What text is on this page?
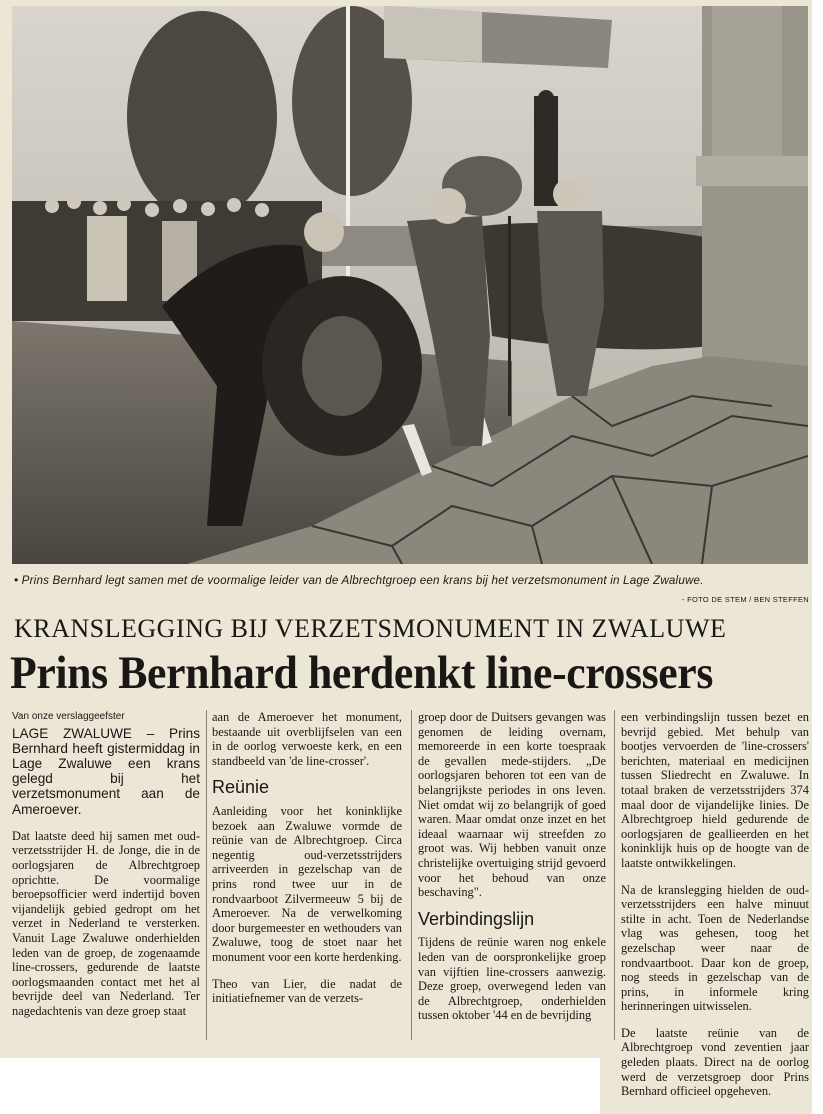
• Prins Bernhard legt samen met de voormalige leider van de Albrechtgroep een krans bij het verzetsmonument in Lage Zwaluwe.
- FOTO DE STEM / BEN STEFFEN
KRANSLEGGING BIJ VERZETSMONUMENT IN ZWALUWE
Prins Bernhard herdenkt line-crossers
Van onze verslaggeefster

LAGE ZWALUWE – Prins Bernhard heeft gistermiddag in Lage Zwaluwe een krans gelegd bij het verzetsmonument aan de Ameroever.

Dat laatste deed hij samen met oud-verzetsstrijder H. de Jonge, die in de oorlogsjaren de Albrechtgroep oprichtte. De voormalige beroepsofficier werd indertijd boven vijandelijk gebied gedropt om het verzet in Nederland te versterken. Vanuit Lage Zwaluwe onderhielden leden van de groep, de zogenaamde line-crossers, gedurende de laatste oorlogsmaanden contact met het al bevrijde deel van Nederland. Ter nagedachtenis van deze groep staat

aan de Ameroever het monument, bestaande uit overblijfselen van een in de oorlog verwoeste kerk, en een standbeeld van 'de line-crosser'.

Reünie

Aanleiding voor het koninklijke bezoek aan Zwaluwe vormde de reünie van de Albrechtgroep. Circa negentig oud-verzetsstrijders arriveerden in gezelschap van de prins rond twee uur in de rondvaarboot Zilvermeeuw 5 bij de Ameroever. Na de verwelkoming door burgemeester en wethouders van Zwaluwe, toog de stoet naar het monument voor een korte herdenking.

Theo van Lier, die nadat de initiatiefnemer van de verzets-

groep door de Duitsers gevangen was genomen de leiding overnam, memoreerde in een korte toespraak de gevallen mede-stijders. „De oorlogsjaren behoren tot een van de belangrijkste periodes in ons leven. Niet omdat wij zo belangrijk of goed waren. Maar omdat onze inzet en het ideaal waarnaar wij streefden zo groot was. Wij hebben vanuit onze christelijke overtuiging strijd gevoerd voor het behoud van onze beschaving".

Verbindingslijn

Tijdens de reünie waren nog enkele leden van de oorspronkelijke groep van vijftien line-crossers aanwezig. Deze groep, overwegend leden van de Albrechtgroep, onderhielden tussen oktober '44 en de bevrijding

een verbindingslijn tussen bezet en bevrijd gebied. Met behulp van bootjes vervoerden de 'line-crossers' berichten, materiaal en medicijnen tussen Sliedrecht en Zwaluwe. In totaal braken de verzetsstrijders 374 maal door de vijandelijke linies. De Albrechtgroep hield gedurende de oorlogsjaren de geallieerden en het koninklijk huis op de hoogte van de laatste ontwikkelingen.

Na de kranslegging hielden de oud-verzetsstrijders een halve minuut stilte in acht. Toen de Nederlandse vlag was gehesen, toog het gezelschap weer naar de rondvaartboot. Daar kon de groep, nog steeds in gezelschap van de prins, in informele kring herinneringen uitwisselen.

De laatste reünie van de Albrechtgroep vond zeventien jaar geleden plaats. Direct na de oorlog werd de verzetsgroep door Prins Bernhard officieel opgeheven.
